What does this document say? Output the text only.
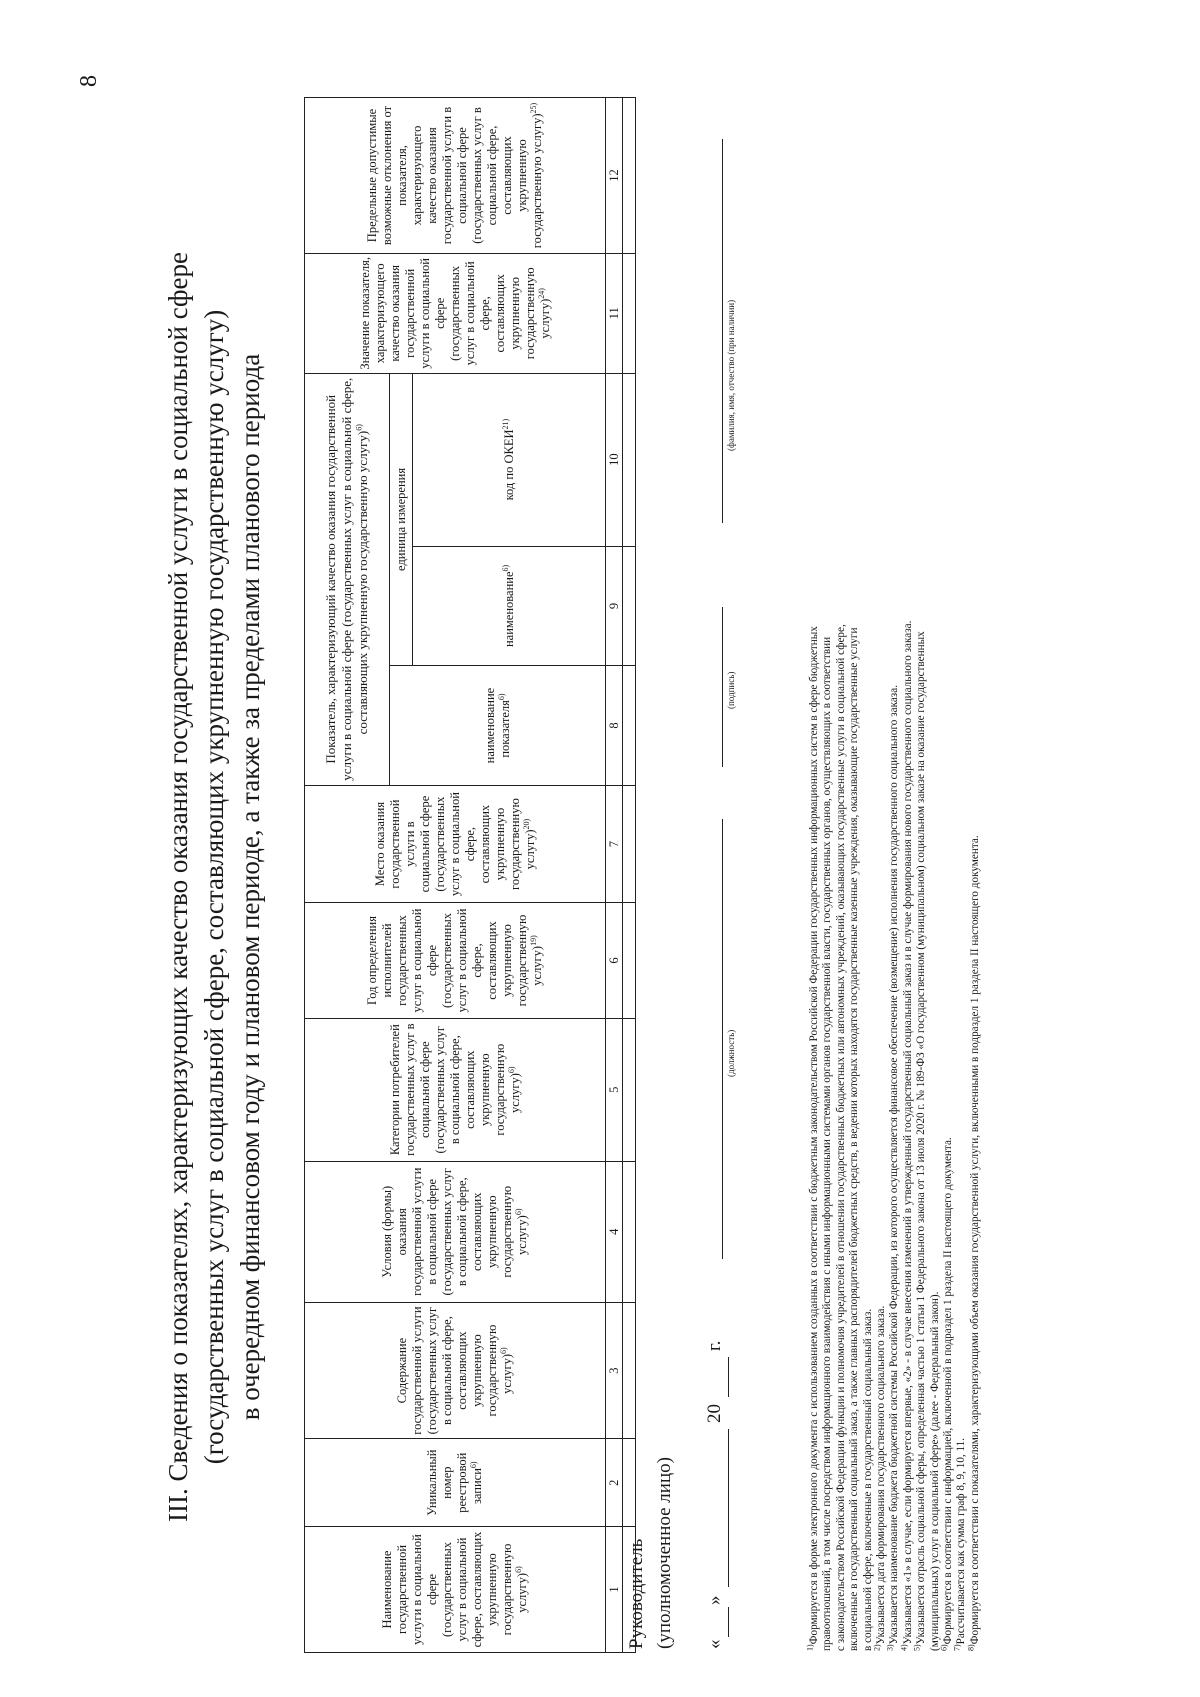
8
III. Сведения о показателях, характеризующих качество оказания государственной услуги в социальной сфере (государственных услуг в социальной сфере, составляющих укрупненную государственную услугу) в очередном финансовом году и плановом периоде, а также за пределами планового периода
Наименование государственной услуги в социальной сфере (государственных услуг в социальной сфере, составляющих укрупненную государственную услугу)$^{6)}$	Уникальный номер реестровой записи$^{6)}$	Содержание государственной услуги (государственных услуг в социальной сфере, составляющих укрупненную государственную услугу)$^{6)}$	Условия (формы) оказания государственной услуги в социальной сфере (государственных услуг в социальной сфере, составляющих укрупненную государственную услугу)$^{6)}$	Категории потребителей государственных услуг в социальной сфере (государственных услуг в социальной сфере, составляющих укрупненную государственную услугу)$^{6)}$	Год определения исполнителей государственных услуг в социальной сфере (государственных услуг в социальной сфере, составляющих укрупненную государственную услугу)$^{19)}$	Место оказания государственной услуги в социальной сфере (государственных услуг в социальной сфере, составляющих укрупненную государственную услугу)$^{20)}$	Показатель, характеризующий качество оказания государственной услуги в социальной сфере (государственных услуг в социальной сфере, составляющих укрупненную государственную услугу)$^{6)}$			Значение показателя, характеризующего качество оказания государственной услуги в социальной сфере (государственных услуг в социальной сфере, составляющих укрупненную государственную услугу)$^{24)}$	Предельные допустимые возможные отклонения от показателя, характеризующего качество оказания государственной услуги в социальной сфере (государственных услуг в социальной сфере, составляющих укрупненную государственную услугу)$^{25)}$
							наименование показателя$^{6)}$	единица измерения			
								наименование$^{6)}$	код по ОКЕИ$^{21)}$
1	2	3	4	5	6	7	8	9	10	11	12

Руководитель (уполномоченное лицо)
(должность)
(подпись)
(фамилия, имя, отчество (при наличии)
«
»
20
г.
$^{1)}$Формируется в форме электронного документа с использованием созданных в соответствии с бюджетным законодательством Российской Федерации государственных информационных систем в сфере бюджетных правоотношений, в том числе посредством информационного взаимодействия с иными информационными системами органов государственной власти, государственных органов, осуществляющих в соответствии с законодательством Российской Федерации функции и полномочия учредителей в отношении государственных бюджетных или автономных учреждений, оказывающих государственные услуги в социальной сфере, включенные в государственный социальный заказ, а также главных распорядителей бюджетных средств, в ведении которых находятся государственные казенные учреждения, оказывающие государственные услуги в социальной сфере, включенные в государственный социальный заказ.
$^{2)}$Указывается дата формирования государственного социального заказа.
$^{3)}$Указывается наименование бюджета бюджетной системы Российской Федерации, из которого осуществляется финансовое обеспечение (возмещение) исполнения государственного социального заказа.
$^{4)}$Указывается «1» в случае, если формируется впервые, «2» - в случае внесения изменений в утвержденный государственный социальный заказ и в случае формирования нового государственного социального заказа.
$^{5)}$Указывается отрасль социальной сферы, определенная частью 1 статьи 1 Федерального закона от 13 июля 2020 г. № 189-ФЗ «О государственном (муниципальном) социальном заказе на оказание государственных (муниципальных) услуг в социальной сфере» (далее - Федеральный закон).
$^{6)}$Формируется в соответствии с информацией, включенной в подраздел 1 раздела II настоящего документа.
$^{7)}$Рассчитывается как сумма граф 8, 9, 10, 11.
$^{8)}$Формируется в соответствии с показателями, характеризующими объем оказания государственной услуги, включенными в подраздел 1 раздела II настоящего документа.
